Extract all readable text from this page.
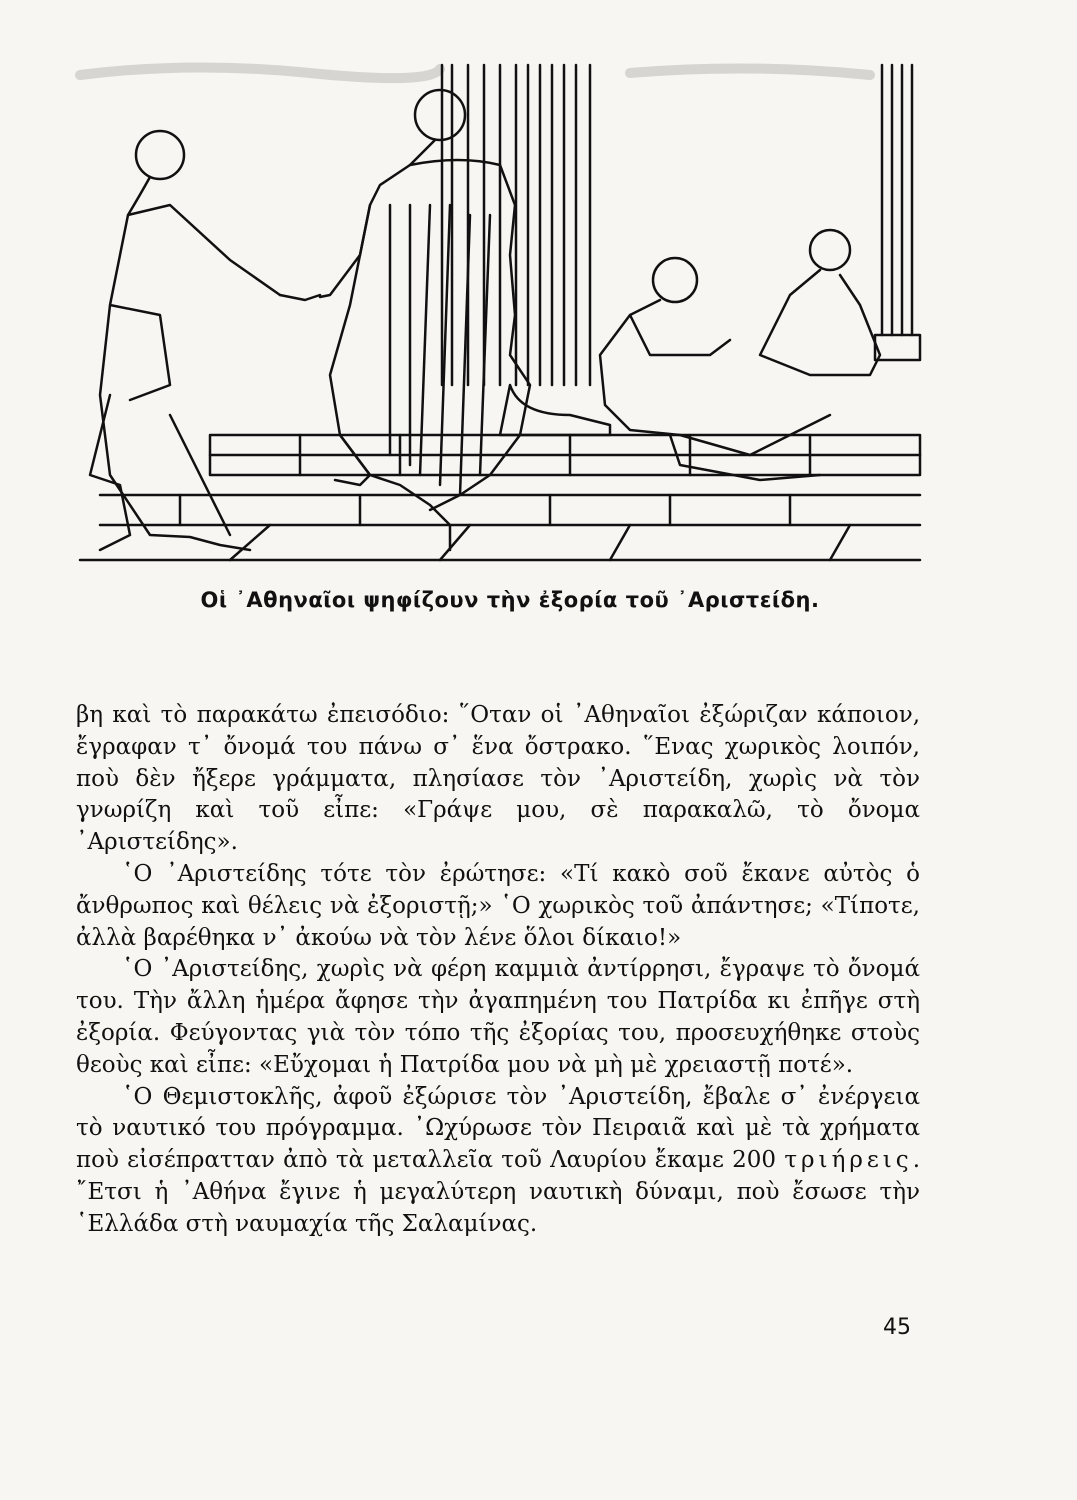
Οἱ ᾿Αθηναῖοι ψηφίζουν τὴν ἐξορία τοῦ ᾿Αριστείδη.

βη καὶ τὸ παρακάτω ἐπεισόδιο: ῞Οταν οἱ ᾿Αθηναῖοι ἐξώριζαν κάποιον, ἔγραφαν τ᾿ ὄνομά του πάνω σ᾿ ἕνα ὄστρακο. ῞Ενας χωρικὸς λοιπόν, ποὺ δὲν ἤξερε γράμματα, πλησίασε τὸν ᾿Αριστείδη, χωρὶς νὰ τὸν γνωρίζη καὶ τοῦ εἶπε: «Γράψε μου, σὲ παρακαλῶ, τὸ ὄνομα ᾿Αριστείδης».

῾Ο ᾿Αριστείδης τότε τὸν ἐρώτησε: «Τί κακὸ σοῦ ἔκανε αὐτὸς ὁ ἄνθρωπος καὶ θέλεις νὰ ἐξοριστῇ;» ῾Ο χωρικὸς τοῦ ἀπάντησε; «Τίποτε, ἀλλὰ βαρέθηκα ν᾿ ἀκούω νὰ τὸν λένε ὅλοι δίκαιο!»

῾Ο ᾿Αριστείδης, χωρὶς νὰ φέρη καμμιὰ ἀντίρρησι, ἔγραψε τὸ ὄνομά του. Τὴν ἄλλη ἡμέρα ἄφησε τὴν ἀγαπημένη του Πατρίδα κι ἐπῆγε στὴ ἐξορία. Φεύγοντας γιὰ τὸν τόπο τῆς ἐξορίας του, προσευχήθηκε στοὺς θεοὺς καὶ εἶπε: «Εὔχομαι ἡ Πατρίδα μου νὰ μὴ μὲ χρειαστῇ ποτέ».

῾Ο Θεμιστοκλῆς, ἀφοῦ ἐξώρισε τὸν ᾿Αριστείδη, ἔβαλε σ᾿ ἐνέργεια τὸ ναυτικό του πρόγραμμα. ᾿Ωχύρωσε τὸν Πειραιᾶ καὶ μὲ τὰ χρήματα ποὺ εἰσέπρατταν ἀπὸ τὰ μεταλλεῖα τοῦ Λαυρίου ἔκαμε 200 τριήρεις. ῎Ετσι ἡ ᾿Αθήνα ἔγινε ἡ μεγαλύτερη ναυτικὴ δύναμι, ποὺ ἔσωσε τὴν ῾Ελλάδα στὴ ναυμαχία τῆς Σαλαμίνας.

45
